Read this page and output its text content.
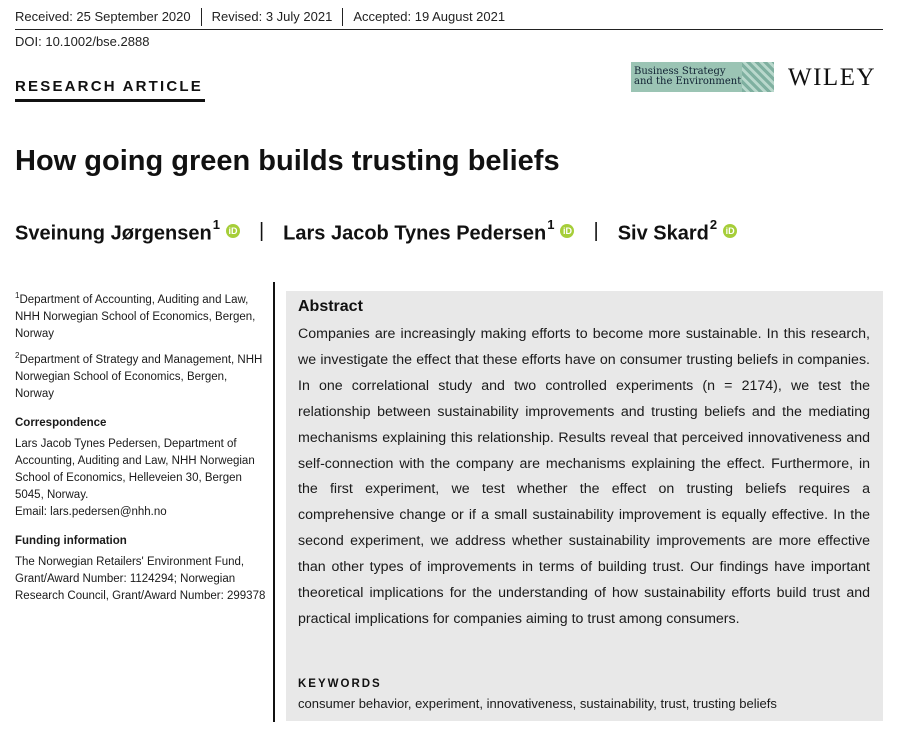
Received: 25 September 2020	Revised: 3 July 2021	Accepted: 19 August 2021
DOI: 10.1002/bse.2888
RESEARCH ARTICLE
Business Strategy
and the Environment WILEY
How going green builds trusting beliefs
Sveinung Jørgensen$^1$ iD | Lars Jacob Tynes Pedersen$^1$ iD | Siv Skard$^2$ iD

$^1$Department of Accounting, Auditing and Law, NHH Norwegian School of Economics, Bergen, Norway

$^2$Department of Strategy and Management, NHH Norwegian School of Economics, Bergen, Norway

Correspondence

Lars Jacob Tynes Pedersen, Department of Accounting, Auditing and Law, NHH Norwegian School of Economics, Helleveien 30, Bergen 5045, Norway.
Email: lars.pedersen@nhh.no

Funding information

The Norwegian Retailers' Environment Fund, Grant/Award Number: 1124294; Norwegian Research Council, Grant/Award Number: 299378

Abstract
Companies are increasingly making efforts to become more sustainable. In this research, we investigate the effect that these efforts have on consumer trusting beliefs in companies. In one correlational study and two controlled experiments (n = 2174), we test the relationship between sustainability improvements and trusting beliefs and the mediating mechanisms explaining this relationship. Results reveal that perceived innovativeness and self-connection with the company are mechanisms explaining the effect. Furthermore, in the first experiment, we test whether the effect on trusting beliefs requires a comprehensive change or if a small sustainability improvement is equally effective. In the second experiment, we address whether sustainability improvements are more effective than other types of improvements in terms of building trust. Our findings have important theoretical implications for the understanding of how sustainability efforts build trust and practical implications for companies aiming to trust among consumers.
KEYWORDS
consumer behavior, experiment, innovativeness, sustainability, trust, trusting beliefs
